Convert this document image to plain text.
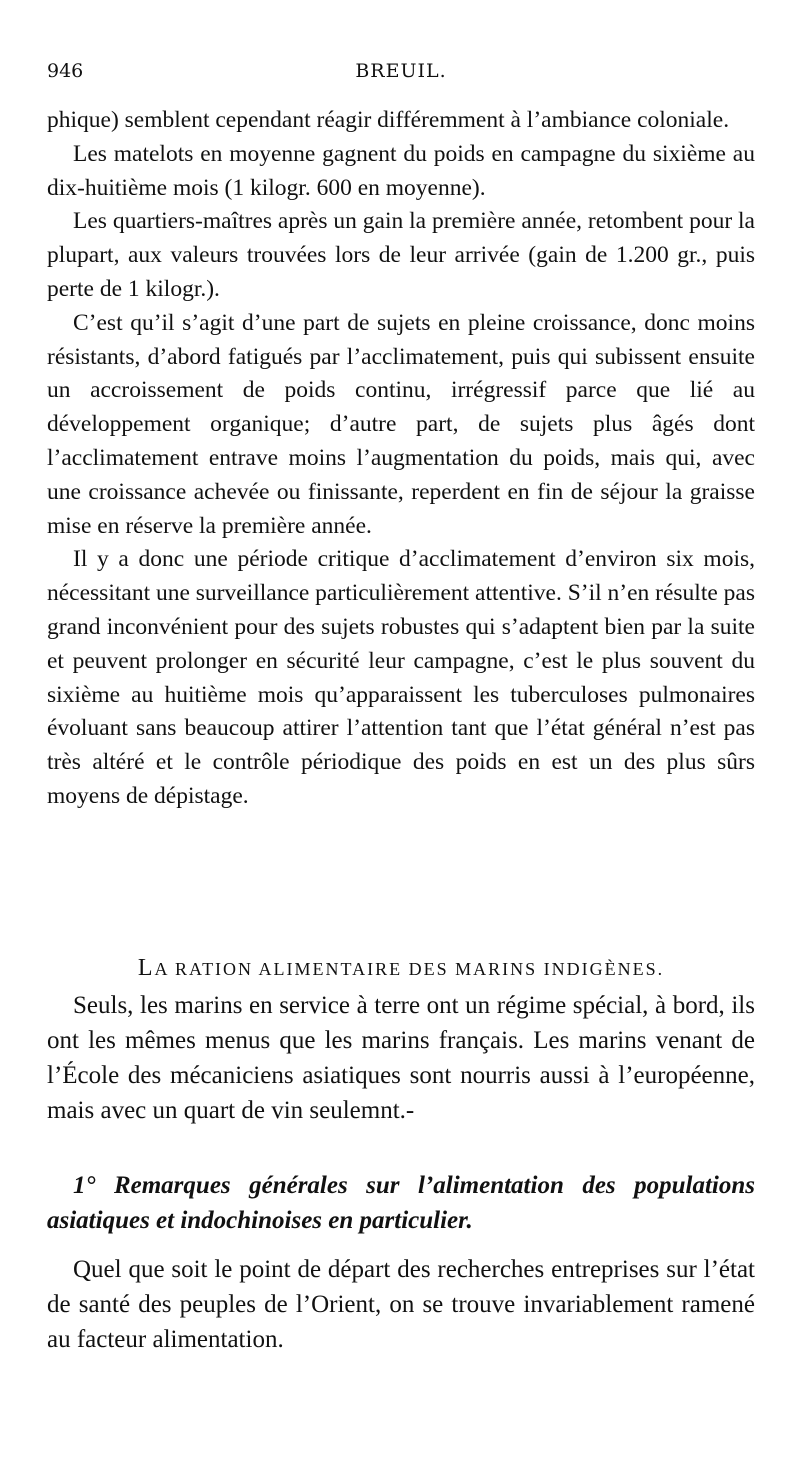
946	BREUIL.

phique) semblent cependant réagir différemment à l’ambiance coloniale.

Les matelots en moyenne gagnent du poids en campagne du sixième au dix-huitième mois (1 kilogr. 600 en moyenne).

Les quartiers-maîtres après un gain la première année, retombent pour la plupart, aux valeurs trouvées lors de leur arrivée (gain de 1.200 gr., puis perte de 1 kilogr.).

C’est qu’il s’agit d’une part de sujets en pleine croissance, donc moins résistants, d’abord fatigués par l’acclimatement, puis qui subissent ensuite un accroissement de poids continu, irrégressif parce que lié au développement organique; d’autre part, de sujets plus âgés dont l’acclimatement entrave moins l’augmentation du poids, mais qui, avec une croissance achevée ou finissante, reperdent en fin de séjour la graisse mise en réserve la première année.

Il y a donc une période critique d’acclimatement d’environ six mois, nécessitant une surveillance particulièrement attentive. S’il n’en résulte pas grand inconvénient pour des sujets robustes qui s’adaptent bien par la suite et peuvent prolonger en sécurité leur campagne, c’est le plus souvent du sixième au huitième mois qu’apparaissent les tuberculoses pulmonaires évoluant sans beaucoup attirer l’attention tant que l’état général n’est pas très altéré et le contrôle périodique des poids en est un des plus sûrs moyens de dépistage.

LA RATION ALIMENTAIRE DES MARINS INDIGÈNES.

Seuls, les marins en service à terre ont un régime spécial, à bord, ils ont les mêmes menus que les marins français. Les marins venant de l’École des mécaniciens asiatiques sont nourris aussi à l’européenne, mais avec un quart de vin seulemnt.-

1° Remarques générales sur l’alimentation des populations asiatiques et indochinoises en particulier.

Quel que soit le point de départ des recherches entreprises sur l’état de santé des peuples de l’Orient, on se trouve invariablement ramené au facteur alimentation.
